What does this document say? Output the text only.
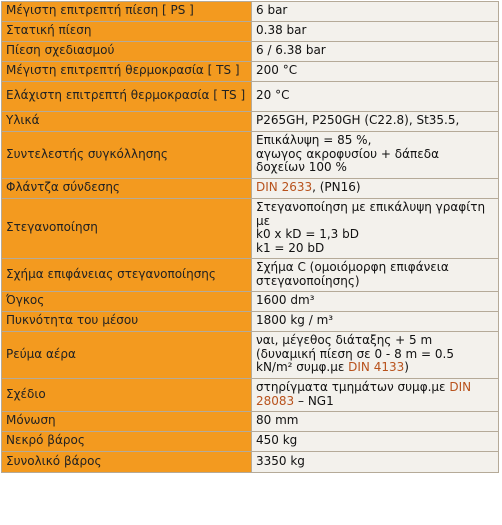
Μέγιστη επιτρεπτή πίεση [ PS ]	6 bar

Στατική πίεση	0.38 bar

Πίεση σχεδιασμού	6 / 6.38 bar

Μέγιστη επιτρεπτή θερμοκρασία [ TS ]	200 °C

Ελάχιστη επιτρεπτή θερμοκρασία [ TS ]	20 °C

Υλικά	P265GH, P250GH (C22.8), St35.5,

Συντελεστής συγκόλλησης	Επικάλυψη = 85 %,
αγωγος ακροφυσίου + δάπεδα
δοχείων 100 %

Φλάντζα σύνδεσης	DIN 2633, (PN16)

Στεγανοποίηση	Στεγανοποίηση με επικάλυψη γραφίτη με
k0 x kD = 1,3 bD
k1 = 20 bD

Σχήμα επιφάνειας στεγανοποίησης	Σχήμα C (ομοιόμορφη επιφάνεια στεγανοποίησης)

Όγκος	1600 dm³

Πυκνότητα του μέσου	1800 kg / m³

Ρεύμα αέρα	ναι, μέγεθος διάταξης + 5 m
(δυναμική πίεση σε 0 - 8 m = 0.5
kN/m² συμφ.με DIN 4133)

Σχέδιο	στηρίγματα τμημάτων συμφ.με DIN
28083 – NG1

Μόνωση	80 mm

Νεκρό βάρος	450 kg

Συνολικό βάρος	3350 kg
